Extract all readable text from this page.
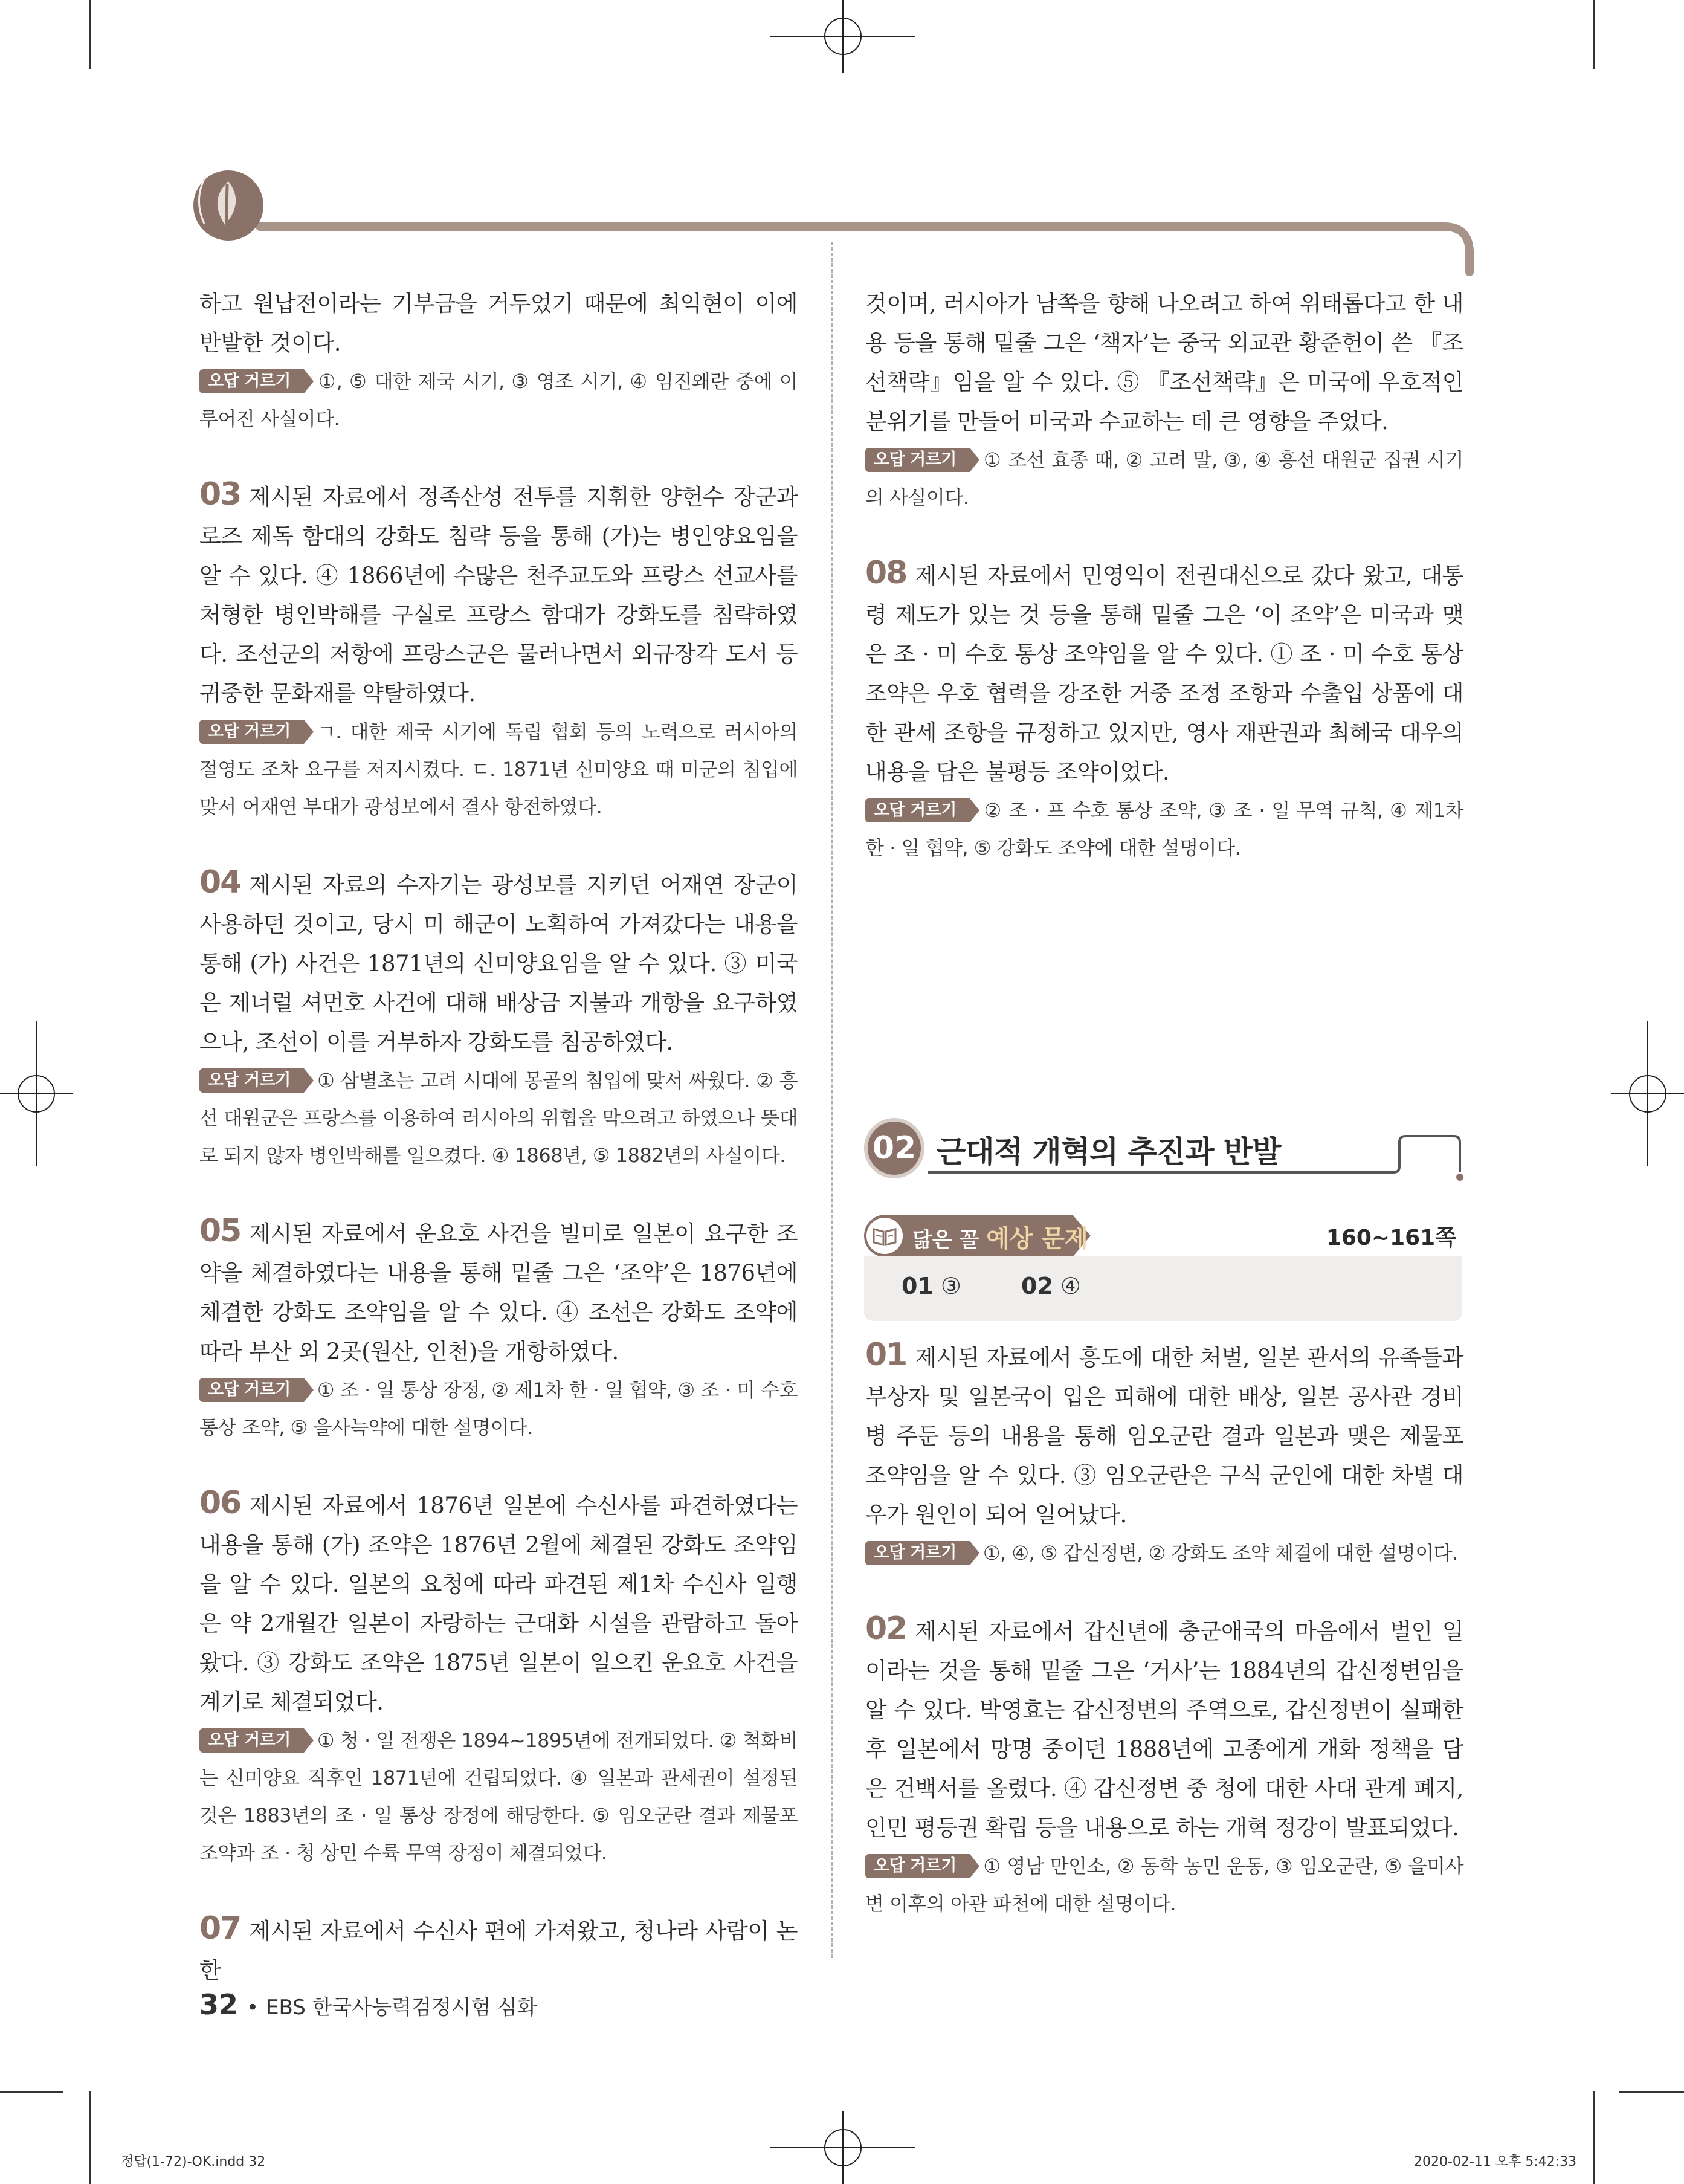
하고 원납전이라는 기부금을 거두었기 때문에 최익현이 이에 반발한 것이다.

오답 거르기 ①, ⑤ 대한 제국 시기, ③ 영조 시기, ④ 임진왜란 중에 이루어진 사실이다.

03 제시된 자료에서 정족산성 전투를 지휘한 양헌수 장군과 로즈 제독 함대의 강화도 침략 등을 통해 (가)는 병인양요임을 알 수 있다. ④ 1866년에 수많은 천주교도와 프랑스 선교사를 처형한 병인박해를 구실로 프랑스 함대가 강화도를 침략하였다. 조선군의 저항에 프랑스군은 물러나면서 외규장각 도서 등 귀중한 문화재를 약탈하였다.

오답 거르기 ㄱ. 대한 제국 시기에 독립 협회 등의 노력으로 러시아의 절영도 조차 요구를 저지시켰다. ㄷ. 1871년 신미양요 때 미군의 침입에 맞서 어재연 부대가 광성보에서 결사 항전하였다.

04 제시된 자료의 수자기는 광성보를 지키던 어재연 장군이 사용하던 것이고, 당시 미 해군이 노획하여 가져갔다는 내용을 통해 (가) 사건은 1871년의 신미양요임을 알 수 있다. ③ 미국은 제너럴 셔먼호 사건에 대해 배상금 지불과 개항을 요구하였으나, 조선이 이를 거부하자 강화도를 침공하였다.

오답 거르기 ① 삼별초는 고려 시대에 몽골의 침입에 맞서 싸웠다. ② 흥선 대원군은 프랑스를 이용하여 러시아의 위협을 막으려고 하였으나 뜻대로 되지 않자 병인박해를 일으켰다. ④ 1868년, ⑤ 1882년의 사실이다.

05 제시된 자료에서 운요호 사건을 빌미로 일본이 요구한 조약을 체결하였다는 내용을 통해 밑줄 그은 ‘조약’은 1876년에 체결한 강화도 조약임을 알 수 있다. ④ 조선은 강화도 조약에 따라 부산 외 2곳(원산, 인천)을 개항하였다.

오답 거르기 ① 조 · 일 통상 장정, ② 제1차 한 · 일 협약, ③ 조 · 미 수호 통상 조약, ⑤ 을사늑약에 대한 설명이다.

06 제시된 자료에서 1876년 일본에 수신사를 파견하였다는 내용을 통해 (가) 조약은 1876년 2월에 체결된 강화도 조약임을 알 수 있다. 일본의 요청에 따라 파견된 제1차 수신사 일행은 약 2개월간 일본이 자랑하는 근대화 시설을 관람하고 돌아왔다. ③ 강화도 조약은 1875년 일본이 일으킨 운요호 사건을 계기로 체결되었다.

오답 거르기 ① 청 · 일 전쟁은 1894~1895년에 전개되었다. ② 척화비는 신미양요 직후인 1871년에 건립되었다. ④ 일본과 관세권이 설정된 것은 1883년의 조 · 일 통상 장정에 해당한다. ⑤ 임오군란 결과 제물포 조약과 조 · 청 상민 수륙 무역 장정이 체결되었다.

07 제시된 자료에서 수신사 편에 가져왔고, 청나라 사람이 논한

것이며, 러시아가 남쪽을 향해 나오려고 하여 위태롭다고 한 내용 등을 통해 밑줄 그은 ‘책자’는 중국 외교관 황준헌이 쓴 『조선책략』임을 알 수 있다. ⑤ 『조선책략』은 미국에 우호적인 분위기를 만들어 미국과 수교하는 데 큰 영향을 주었다.

오답 거르기 ① 조선 효종 때, ② 고려 말, ③, ④ 흥선 대원군 집권 시기의 사실이다.

08 제시된 자료에서 민영익이 전권대신으로 갔다 왔고, 대통령 제도가 있는 것 등을 통해 밑줄 그은 ‘이 조약’은 미국과 맺은 조 · 미 수호 통상 조약임을 알 수 있다. ① 조 · 미 수호 통상 조약은 우호 협력을 강조한 거중 조정 조항과 수출입 상품에 대한 관세 조항을 규정하고 있지만, 영사 재판권과 최혜국 대우의 내용을 담은 불평등 조약이었다.

오답 거르기 ② 조 · 프 수호 통상 조약, ③ 조 · 일 무역 규칙, ④ 제1차 한 · 일 협약, ⑤ 강화도 조약에 대한 설명이다.

02 근대적 개혁의 추진과 반발
닮은 꼴 예상 문제	160~161쪽
01 ③	02 ④

01 제시된 자료에서 흥도에 대한 처벌, 일본 관서의 유족들과 부상자 및 일본국이 입은 피해에 대한 배상, 일본 공사관 경비병 주둔 등의 내용을 통해 임오군란 결과 일본과 맺은 제물포 조약임을 알 수 있다. ③ 임오군란은 구식 군인에 대한 차별 대우가 원인이 되어 일어났다.

오답 거르기 ①, ④, ⑤ 갑신정변, ② 강화도 조약 체결에 대한 설명이다.

02 제시된 자료에서 갑신년에 충군애국의 마음에서 벌인 일이라는 것을 통해 밑줄 그은 ‘거사’는 1884년의 갑신정변임을 알 수 있다. 박영효는 갑신정변의 주역으로, 갑신정변이 실패한 후 일본에서 망명 중이던 1888년에 고종에게 개화 정책을 담은 건백서를 올렸다. ④ 갑신정변 중 청에 대한 사대 관계 폐지, 인민 평등권 확립 등을 내용으로 하는 개혁 정강이 발표되었다.

오답 거르기 ① 영남 만인소, ② 동학 농민 운동, ③ 임오군란, ⑤ 을미사변 이후의 아관 파천에 대한 설명이다.

32 • EBS 한국사능력검정시험 심화
정답(1-72)-OK.indd 32	2020-02-11 오후 5:42:33
